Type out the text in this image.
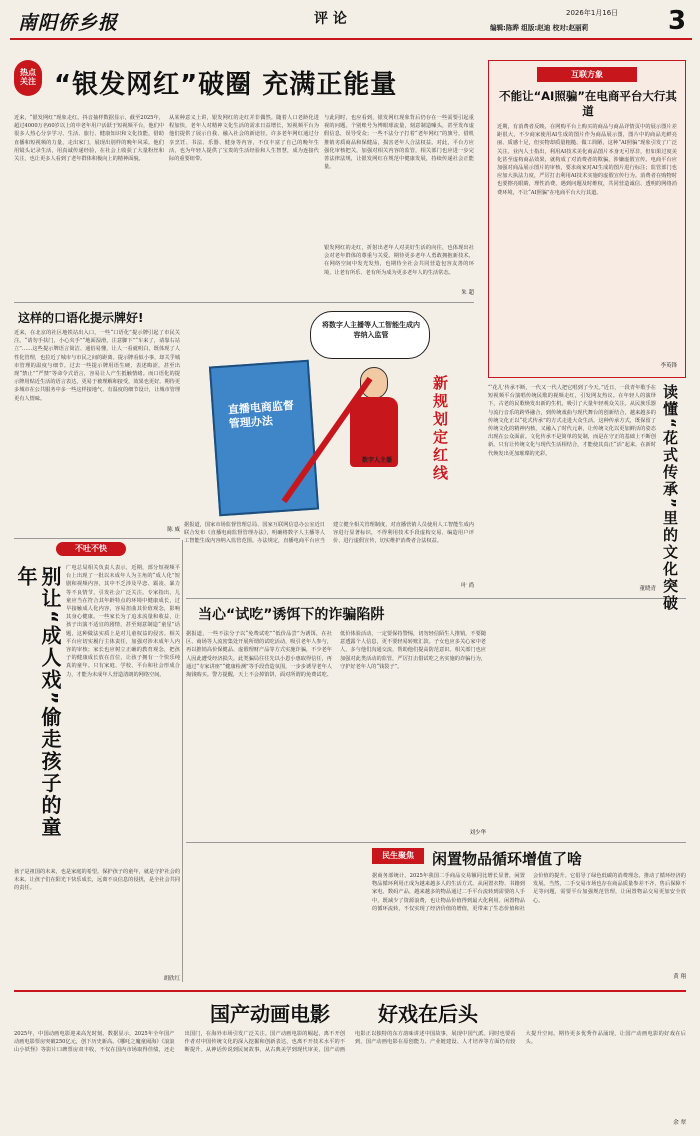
南阳侨乡报	评 论	2026年1月16日
编辑:陈晔 组版:赵迪 校对:赵丽莉	3
热点
关注 “银发网红”破圈 充满正能量
近来，“银发网红”现象走红。抖音抽样数据显示，截至2025年，超过4000万名60岁以上的中老年用户活跃于短视频平台，他们中很多人热心分享学习、生活、旅行、健康知识和文化技能，借助直播和短视频的力量，走出家门，展现出别样的晚年风采。他们用镜头记录生活，用真诚传递经验，在社会上收获了大量粉丝和关注，也让更多人看到了老年群体积极向上的精神面貌。
从某种意义上讲，银发网红的走红并非偶然。随着人口老龄化进程加快，老年人对精神文化生活的需求日益增长，短视频平台为他们提供了展示自我、融入社会的新途径。许多老年网红通过分享烹饪、书法、乐器、健身等内容，不仅丰富了自己的晚年生活，也为年轻人提供了宝贵的生活经验和人生智慧，成为连接代际的重要纽带。
与此同时，也应看到，银发网红现象背后仍存在一些需要引起重视的问题。个别账号为博眼球流量，刻意制造噱头，甚至发布虚假信息，误导受众；一些不法分子打着“老年网红”的旗号，借机推销劣质商品和保健品，损害老年人合法权益。对此，平台方应强化审核把关，加强对相关内容的监管，相关部门也应进一步完善法律法规，让银发网红在规范中健康发展，持续传递社会正能量。
银发网红的走红，折射出老年人对美好生活的向往，也体现出社会对老年群体的尊重与关爱。期待更多老年人勇敢拥抱新技术，在网络空间中发光发热，也期待全社会共同营造包容友善的环境，让老有所乐、老有所为成为更多老年人的生活常态。
朱 超
这样的口语化提示牌好!
近来，在北京的社区地铁站出入口，一些“口语化”提示牌引起了市民关注。“请勿手扶门，小心夹手”“地面湿滑，注意脚下”“车来了，请靠右站立”……这些提示牌语言简洁、通俗易懂，让人一看就明白，既体现了人性化管理，也拉近了城市与市民之间的距离。提示牌看似小事，却关乎城市管理的温度与细节。过去一些提示牌用语生硬、表述晦涩，甚至出现“禁止”“严禁”等命令式语言，容易让人产生抵触情绪。而口语化的提示牌用贴近生活的语言表达，更易于被理解和接受，效果也更好。期待更多城市在公共服务中多一些这样接地气、有温度的细节设计，让城市管理更有人情味。
陈 威
直播电商监督管理办法
将数字人主播等人工智能生成内容纳入监管
数字人主播	新规划定红线
据报道，国家市场监督管理总局、国家互联网信息办公室近日联合发布《直播电商监督管理办法》，明确将数字人主播等人工智能生成内容纳入监管范围。办法规定，直播电商平台应当建立健全相关管理制度，对直播营销人员使用人工智能生成内容进行显著标识，不得利用技术手段虚构交易、编造用户评价、进行虚假宣传，切实维护消费者合法权益。
叶 尚
不吐不快
别让“成人戏”偷走孩子的童年	广电总局相关负责人表示，近期，部分短视频平台上出现了一批以未成年人为主角的“成人化”短剧和视频内容，其中不乏涉及早恋、霸凌、暴力等不良情节，引发社会广泛关注。专家指出，儿童应当在符合其年龄特点的环境中健康成长，过早接触成人化内容，容易扭曲其价值观念，影响其身心健康。一些家长为了追求流量和收益，让孩子出演不适宜的剧情，甚至刻意制造“童星”话题，这种做法实质上是对儿童权益的侵害。相关平台应切实履行主体责任，加强对涉未成年人内容的审核；家长也应树立正确的教育观念，把孩子的健康成长放在首位，让孩子拥有一个快乐纯真的童年。只有家庭、学校、平台和社会形成合力，才能为未成年人营造清朗的网络空间。
孩子是祖国的未来，也是家庭的希望。保护孩子的童年，就是守护社会的未来。让孩子们在阳光下快乐成长，远离不良信息的侵扰，是全社会共同的责任。
胡欣红
当心“试吃”诱饵下的诈骗陷阱
据报道，一些不法分子以“免费试吃”“低价品尝”为诱饵，在社区、商场等人流密集处开展所谓的试吃活动，吸引老年人参与，再以推销高价保健品、虚假理财产品等方式实施诈骗，不少老年人因此遭受经济损失。此类骗局往往先以小恩小惠取得信任，再通过“专家讲座”“健康检测”等手段营造氛围，一步步诱导老年人掏钱购买。警方提醒，天上不会掉馅饼，面对所谓的免费试吃、低价体验活动，一定要保持警惕，切勿轻信陌生人推销，不要随意透露个人信息，更不要轻易转账汇款。子女也应多关心家中老人，多与他们沟通交流，帮助他们提高防范意识。相关部门也应加强对此类活动的监管，严厉打击借试吃之名实施的诈骗行为，守护好老年人的“钱袋子”。
刘少华
民生聚焦	闲置物品循环增值了啥
据商务部统计，2025年我国二手商品交易额同比增长显著，闲置物品循环利用正成为越来越多人的生活方式。从闲置衣物、书籍到家电、数码产品，越来越多的物品通过二手平台流转到需要的人手中，既减少了资源浪费，也让物品价值得到最大化利用。闲置物品的循环流转，不仅实现了经济价值的增值，更带来了生态价值和社会价值的提升。它倡导了绿色低碳的消费理念，推动了循环经济的发展。当然，二手交易市场也存在商品质量参差不齐、售后保障不足等问题，需要平台加强规范管理，让闲置物品交易更加安全放心。
黄 翔
互联方象
不能让“AI照骗”在电商平台大行其道
近期，有消费者反映，在网购平台上购买的商品与商品详情页中的展示图片差距很大，不少商家使用AI生成的图片作为商品展示图，图片中的商品光鲜亮丽、质感十足，但实物却质量粗糙、做工简陋，这种“AI照骗”现象引发了广泛关注。业内人士指出，利用AI技术美化商品图片本身无可厚非，但如果过度美化甚至虚构商品效果，就构成了对消费者的欺骗，涉嫌虚假宣传。电商平台应加强对商品展示图片的审核，要求商家对AI生成的图片进行标注；监管部门也应加大执法力度，严厉打击利用AI技术实施的虚假宣传行为。消费者在购物时也要擦亮眼睛，理性消费，遇到问题及时维权，共同营造诚信、透明的网络消费环境，不让“AI照骗”在电商平台大行其道。
李英锋
“‘花儿’传承不断，一代又一代人把它唱到了今天。”近日，一段青年歌手在短视频平台演唱传统民歌的视频走红，引发网友热议。在年轻人的演绎下，古老的民歌焕发出新的生机，吸引了大量年轻观众关注。从民族乐器与流行音乐的跨界融合，到传统戏曲与现代舞台的创新结合，越来越多的传统文化正以“花式传承”的方式走进大众生活。这种传承方式，既保留了传统文化的精神内核，又融入了时代元素，让传统文化以更加鲜活的姿态出现在公众面前。文化传承不是简单的复制，而是在守正的基础上不断创新。只有让传统文化与现代生活相结合，才能使其真正“活”起来，在新时代焕发出更加璀璨的光彩。	读懂“花式传承”里的文化突破
董晓青
国产动画电影 好戏在后头
2025年，中国动画电影迎来高光时刻。数据显示，2025年全年国产动画电影票房突破250亿元，创下历史新高。《哪吒之魔童闹海》《浪浪山小妖怪》等影片口碑票房双丰收，不仅在国内市场取得佳绩，还走出国门，在海外市场引发广泛关注。国产动画电影的崛起，离不开创作者对中国传统文化的深入挖掘和创新表达，也离不开技术水平的不断提升。从神话传说到民间故事，从古典美学到现代审美，国产动画电影正以独特的东方韵味讲述中国故事，展现中国气派。同时也要看到，国产动画电影在原创能力、产业链建设、人才培养等方面仍有较大提升空间。期待更多优秀作品涌现，让国产动画电影的好戏在后头。
余 翠
